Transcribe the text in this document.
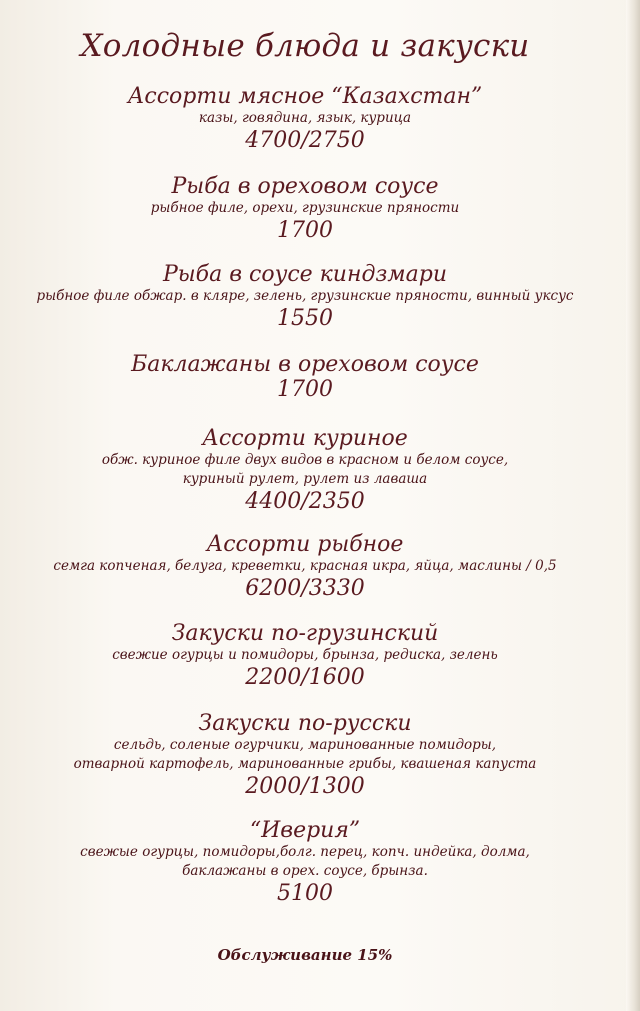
Холодные блюда и закуски
Ассорти мясное “Казахстан”
казы, говядина, язык, курица
4700/2750
Рыба в ореховом соусе
рыбное филе, орехи, грузинские пряности
1700
Рыба в соусе киндзмари
рыбное филе обжар. в кляре, зелень, грузинские пряности, винный уксус
1550
Баклажаны в ореховом соусе
1700
Ассорти куриное
обж. куриное филе двух видов в красном и белом соусе,
куриный рулет, рулет из лаваша
4400/2350
Ассорти рыбное
семга копченая, белуга, креветки, красная икра, яйца, маслины / 0,5
6200/3330
Закуски по-грузинский
свежие огурцы и помидоры, брынза, редиска, зелень
2200/1600
Закуски по-русски
сельдь, соленые огурчики, маринованные помидоры,
отварной картофель, маринованные грибы, квашеная капуста
2000/1300
“Иверия”
свежые огурцы, помидоры,болг. перец, копч. индейка, долма,
баклажаны в орех. соусе, брынза.
5100
Обслуживание 15%
